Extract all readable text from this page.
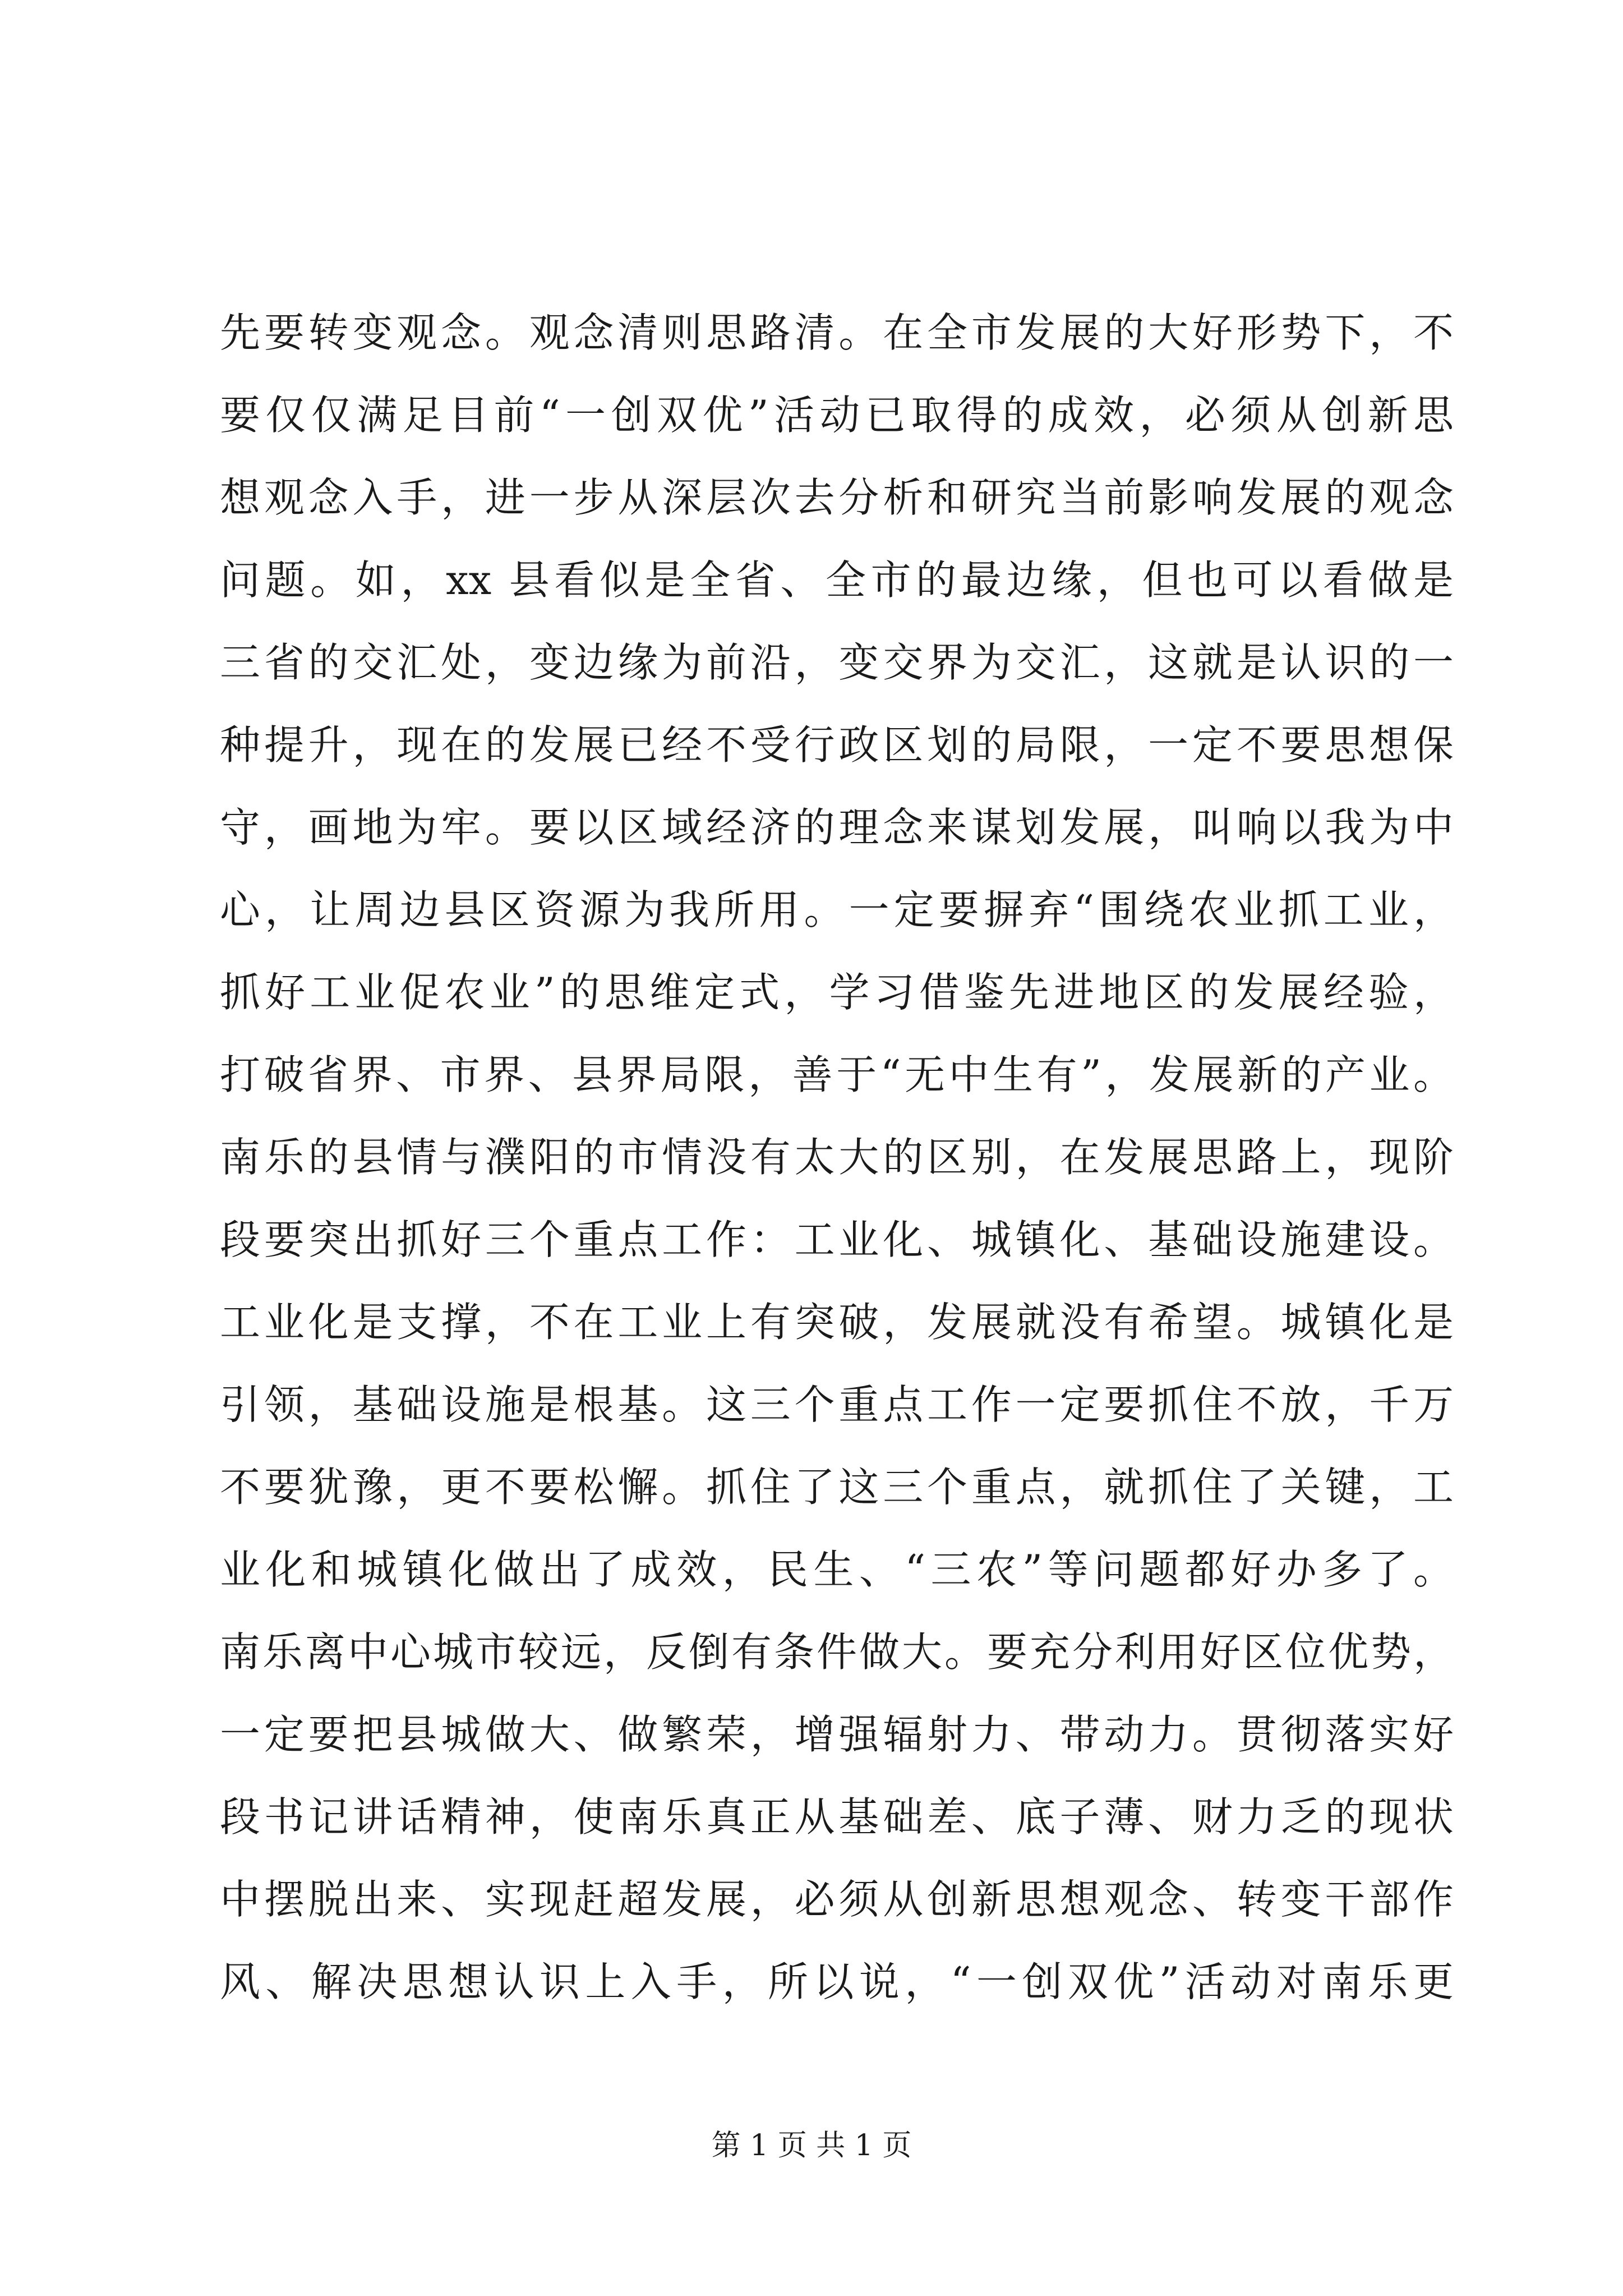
先要转变观念。观念清则思路清。在全市发展的大好形势下，不
要仅仅满足目前“一创双优”活动已取得的成效，必须从创新思
想观念入手，进一步从深层次去分析和研究当前影响发展的观念
问题。如，xx 县看似是全省、全市的最边缘，但也可以看做是
三省的交汇处，变边缘为前沿，变交界为交汇，这就是认识的一
种提升，现在的发展已经不受行政区划的局限，一定不要思想保
守，画地为牢。要以区域经济的理念来谋划发展，叫响以我为中
心，让周边县区资源为我所用。一定要摒弃“围绕农业抓工业，
抓好工业促农业”的思维定式，学习借鉴先进地区的发展经验，
打破省界、市界、县界局限，善于“无中生有”，发展新的产业。
南乐的县情与濮阳的市情没有太大的区别，在发展思路上，现阶
段要突出抓好三个重点工作：工业化、城镇化、基础设施建设。
工业化是支撑，不在工业上有突破，发展就没有希望。城镇化是
引领，基础设施是根基。这三个重点工作一定要抓住不放，千万
不要犹豫，更不要松懈。抓住了这三个重点，就抓住了关键，工
业化和城镇化做出了成效，民生、“三农”等问题都好办多了。
南乐离中心城市较远，反倒有条件做大。要充分利用好区位优势，
一定要把县城做大、做繁荣，增强辐射力、带动力。贯彻落实好
段书记讲话精神，使南乐真正从基础差、底子薄、财力乏的现状
中摆脱出来、实现赶超发展，必须从创新思想观念、转变干部作
风、解决思想认识上入手，所以说，“一创双优”活动对南乐更
第 1 页 共 1 页
